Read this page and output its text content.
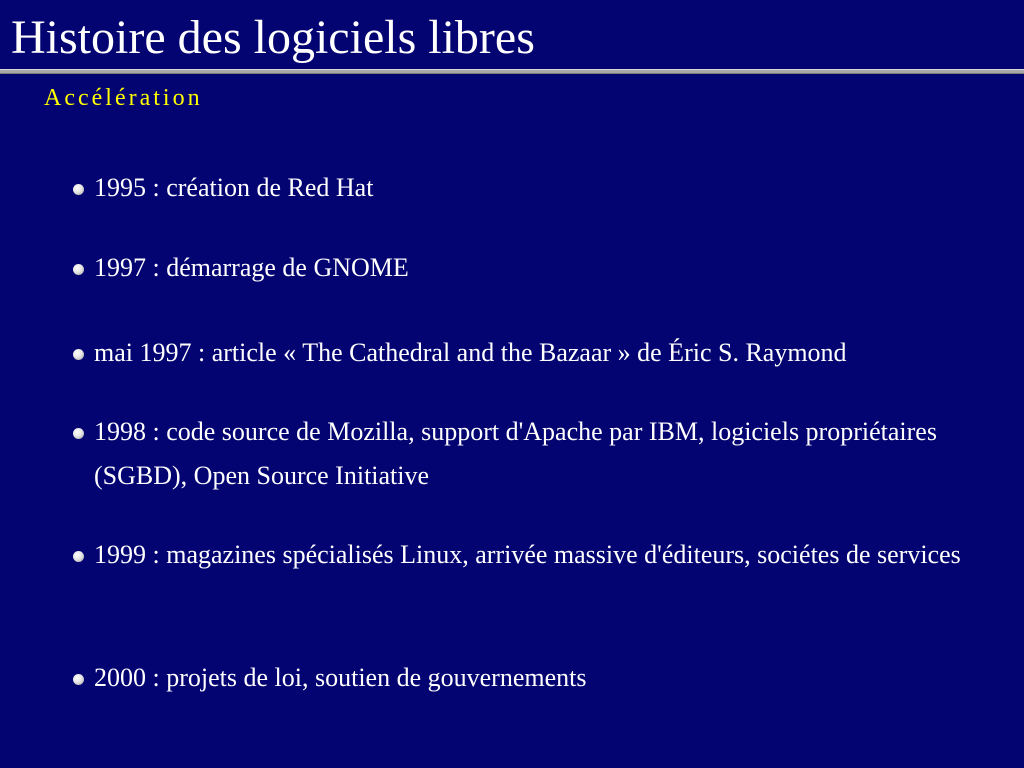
Histoire des logiciels libres
Accélération
1995 : création de Red Hat
1997 : démarrage de GNOME
mai 1997 : article « The Cathedral and the Bazaar » de Éric S. Raymond
1998 : code source de Mozilla, support d'Apache par IBM, logiciels propriétaires (SGBD), Open Source Initiative
1999 : magazines spécialisés Linux, arrivée massive d'éditeurs, sociétes de services
2000 : projets de loi, soutien de gouvernements
